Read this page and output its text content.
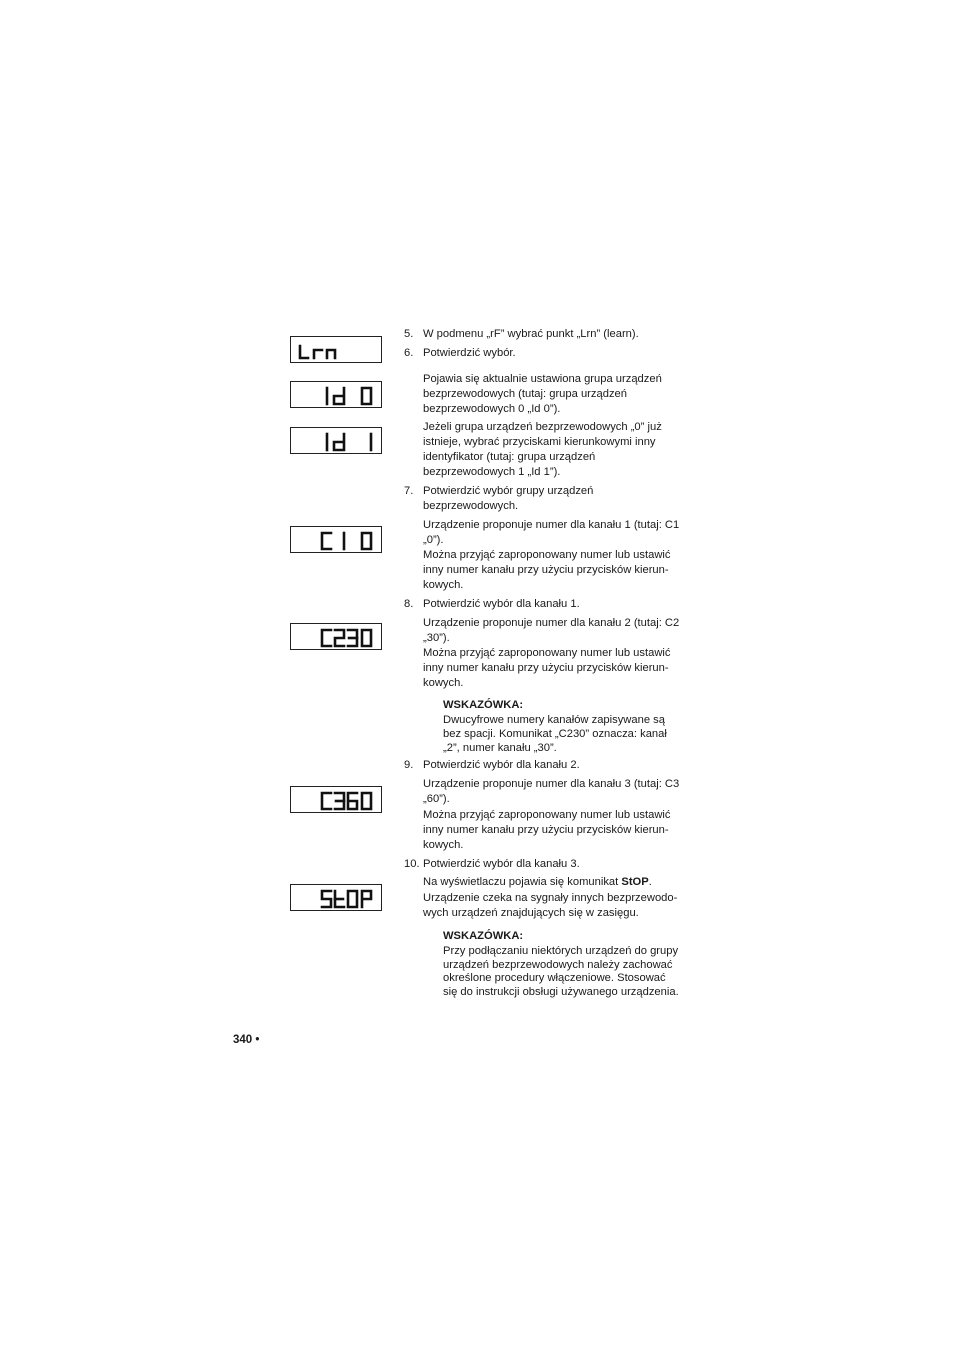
5. W podmenu „rF” wybrać punkt „Lrn” (learn).
6. Potwierdzić wybór.
Pojawia się aktualnie ustawiona grupa urządzeń
bezprzewodowych (tutaj: grupa urządzeń
bezprzewodowych 0 „Id 0”).
Jeżeli grupa urządzeń bezprzewodowych „0” już
istnieje, wybrać przyciskami kierunkowymi inny
identyfikator (tutaj: grupa urządzeń
bezprzewodowych 1 „Id 1”).
7. Potwierdzić wybór grupy urządzeń
bezprzewodowych.
Urządzenie proponuje numer dla kanału 1 (tutaj: C1
„0”).
Można przyjąć zaproponowany numer lub ustawić
inny numer kanału przy użyciu przycisków kierun-
kowych.
8. Potwierdzić wybór dla kanału 1.
Urządzenie proponuje numer dla kanału 2 (tutaj: C2
„30”).
Można przyjąć zaproponowany numer lub ustawić
inny numer kanału przy użyciu przycisków kierun-
kowych.
WSKAZÓWKA:
Dwucyfrowe numery kanałów zapisywane są
bez spacji. Komunikat „C230” oznacza: kanał
„2”, numer kanału „30”.
9. Potwierdzić wybór dla kanału 2.
Urządzenie proponuje numer dla kanału 3 (tutaj: C3
„60”).
Można przyjąć zaproponowany numer lub ustawić
inny numer kanału przy użyciu przycisków kierun-
kowych.
10. Potwierdzić wybór dla kanału 3.
Na wyświetlaczu pojawia się komunikat StOP.
Urządzenie czeka na sygnały innych bezprzewodo-
wych urządzeń znajdujących się w zasięgu.
WSKAZÓWKA:
Przy podłączaniu niektórych urządzeń do grupy
urządzeń bezprzewodowych należy zachować
określone procedury włączeniowe. Stosować
się do instrukcji obsługi używanego urządzenia.
340 •
